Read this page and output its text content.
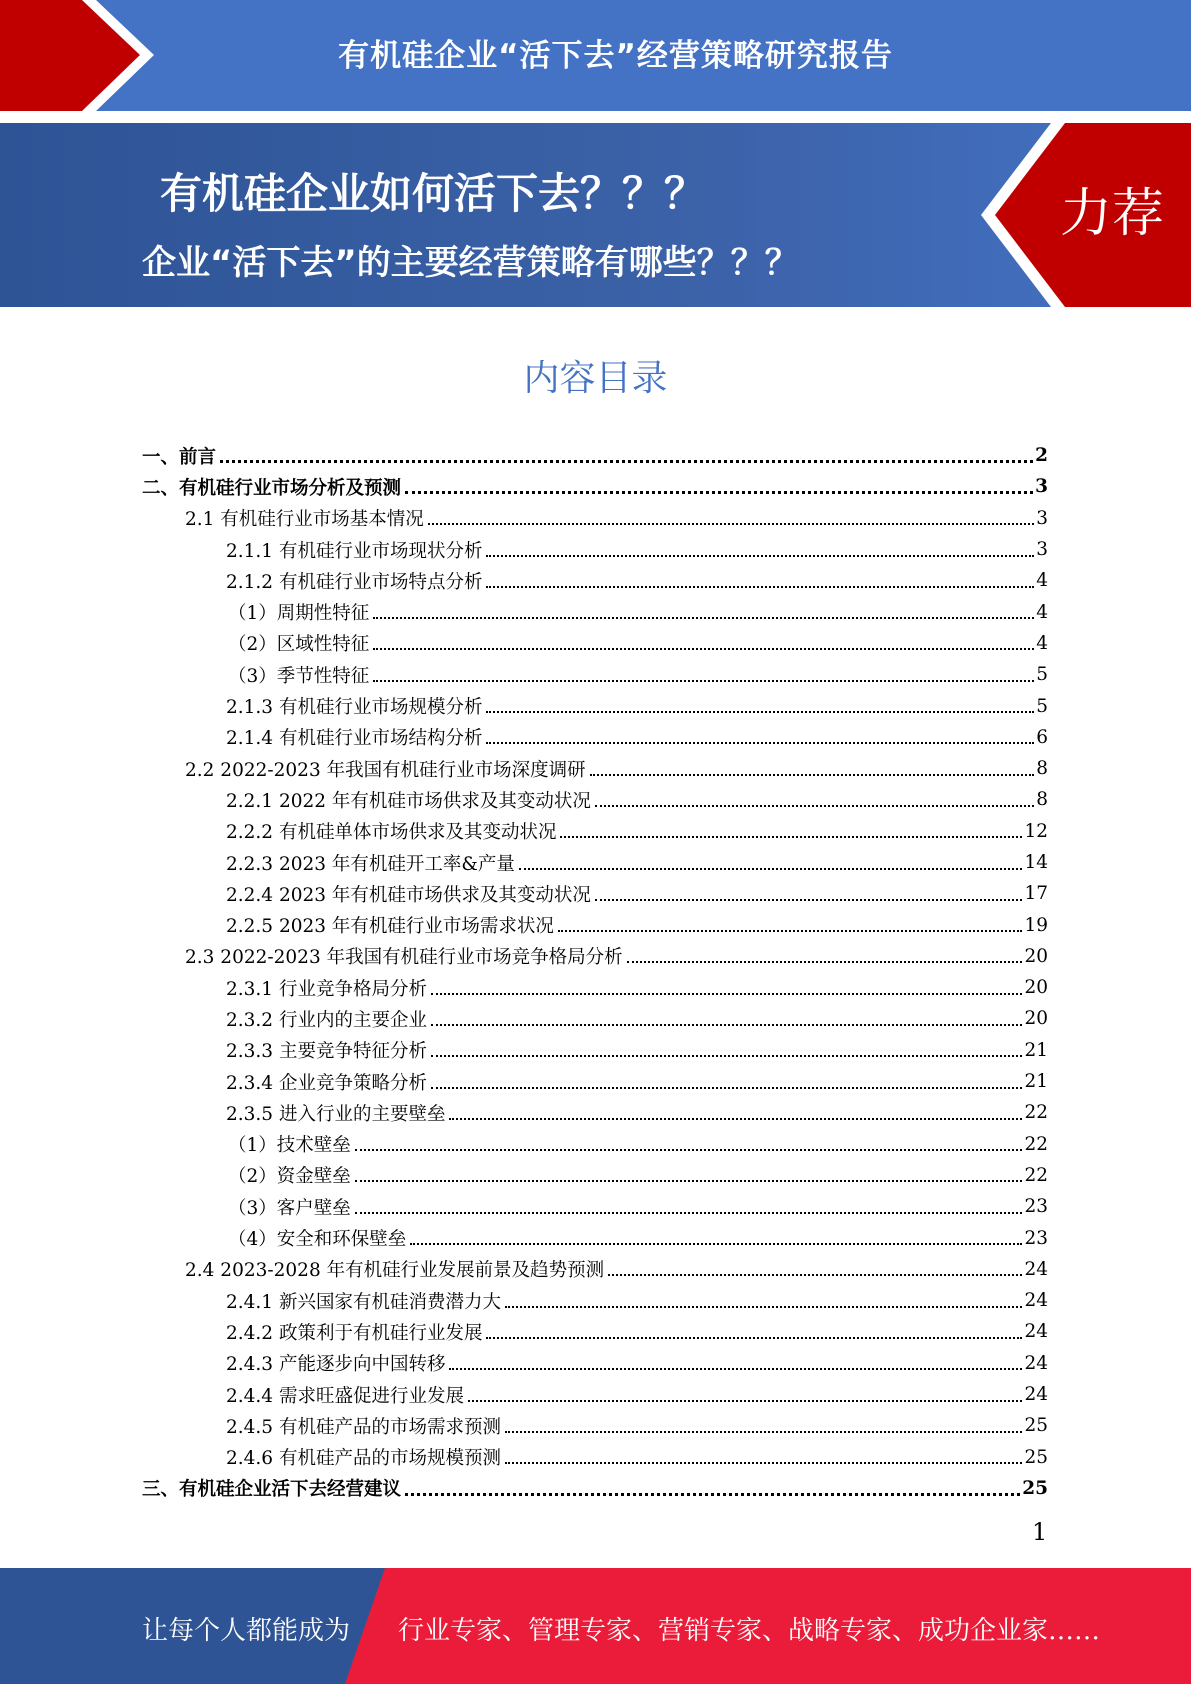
有机硅企业“活下去”经营策略研究报告
有机硅企业如何活下去？？？
企业“活下去”的主要经营策略有哪些？？？
力荐
内容目录
一、前言	2
二、有机硅行业市场分析及预测	3
2.1 有机硅行业市场基本情况	3
2.1.1 有机硅行业市场现状分析	3
2.1.2 有机硅行业市场特点分析	4
（1）周期性特征	4
（2）区域性特征	4
（3）季节性特征	5
2.1.3 有机硅行业市场规模分析	5
2.1.4 有机硅行业市场结构分析	6
2.2 2022-2023 年我国有机硅行业市场深度调研	8
2.2.1 2022 年有机硅市场供求及其变动状况	8
2.2.2 有机硅单体市场供求及其变动状况	12
2.2.3 2023 年有机硅开工率&产量	14
2.2.4 2023 年有机硅市场供求及其变动状况	17
2.2.5 2023 年有机硅行业市场需求状况	19
2.3 2022-2023 年我国有机硅行业市场竞争格局分析	20
2.3.1 行业竞争格局分析	20
2.3.2 行业内的主要企业	20
2.3.3 主要竞争特征分析	21
2.3.4 企业竞争策略分析	21
2.3.5 进入行业的主要壁垒	22
（1）技术壁垒	22
（2）资金壁垒	22
（3）客户壁垒	23
（4）安全和环保壁垒	23
2.4 2023-2028 年有机硅行业发展前景及趋势预测	24
2.4.1 新兴国家有机硅消费潜力大	24
2.4.2 政策利于有机硅行业发展	24
2.4.3 产能逐步向中国转移	24
2.4.4 需求旺盛促进行业发展	24
2.4.5 有机硅产品的市场需求预测	25
2.4.6 有机硅产品的市场规模预测	25
三、有机硅企业活下去经营建议	25
1
让每个人都能成为 行业专家、管理专家、营销专家、战略专家、成功企业家……
